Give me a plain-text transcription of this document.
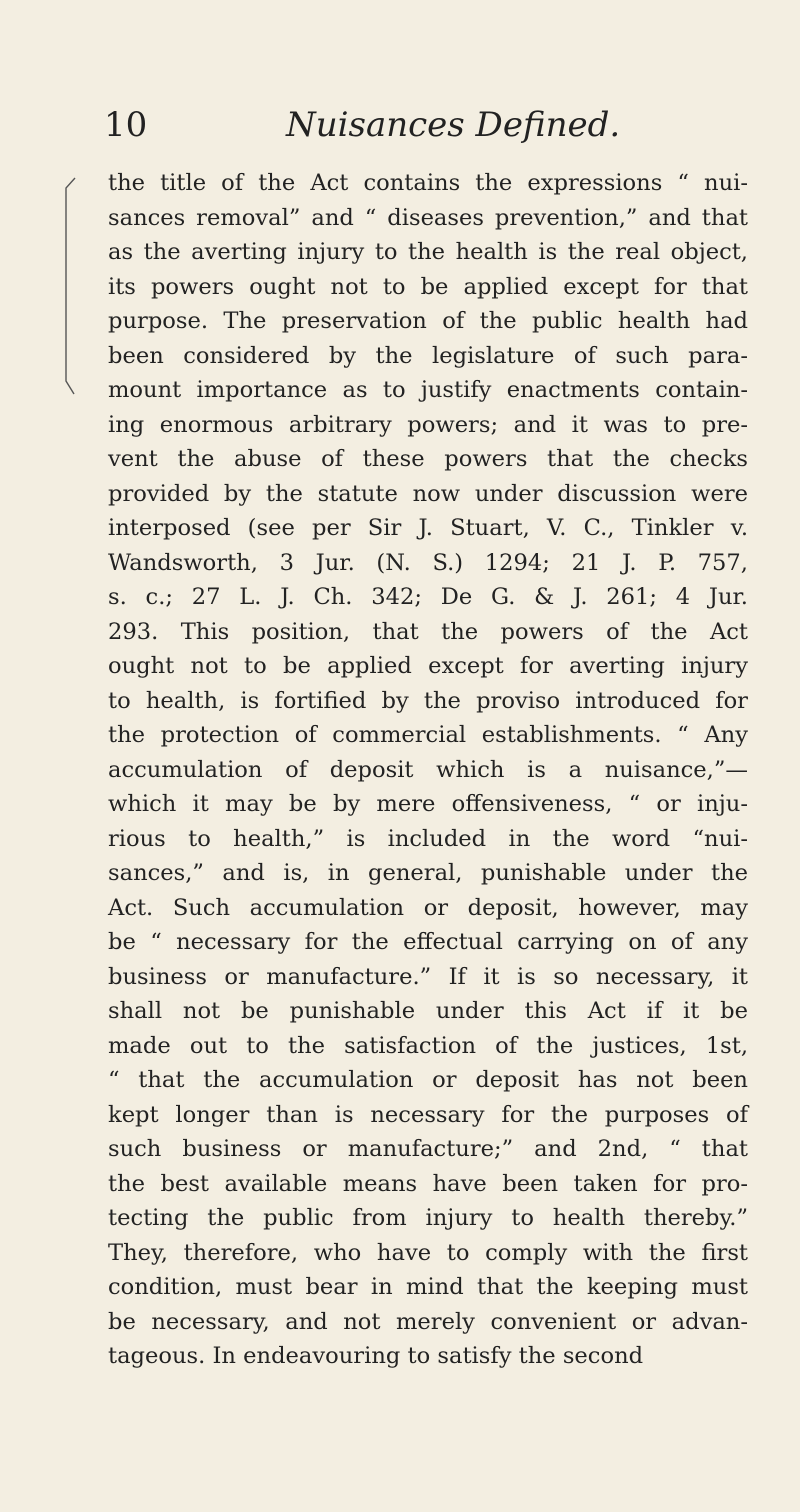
10	Nuisances Defined.
the title of the Act contains the expressions “ nui-
sances removal” and “ diseases prevention,” and that
as the averting injury to the health is the real object,
its powers ought not to be applied except for that
purpose. The preservation of the public health had
been considered by the legislature of such para-
mount importance as to justify enactments contain-
ing enormous arbitrary powers; and it was to pre-
vent the abuse of these powers that the checks
provided by the statute now under discussion were
interposed (see per Sir J. Stuart, V. C., Tinkler v.
Wandsworth, 3 Jur. (N. S.) 1294; 21 J. P. 757,
s. c.; 27 L. J. Ch. 342; De G. & J. 261; 4 Jur.
293. This position, that the powers of the Act
ought not to be applied except for averting injury
to health, is fortified by the proviso introduced for
the protection of commercial establishments. “ Any
accumulation of deposit which is a nuisance,”—
which it may be by mere offensiveness, “ or inju-
rious to health,” is included in the word “nui-
sances,” and is, in general, punishable under the
Act. Such accumulation or deposit, however, may
be “ necessary for the effectual carrying on of any
business or manufacture.” If it is so necessary, it
shall not be punishable under this Act if it be
made out to the satisfaction of the justices, 1st,
“ that the accumulation or deposit has not been
kept longer than is necessary for the purposes of
such business or manufacture;” and 2nd, “ that
the best available means have been taken for pro-
tecting the public from injury to health thereby.”
They, therefore, who have to comply with the first
condition, must bear in mind that the keeping must
be necessary, and not merely convenient or advan-
tageous. In endeavouring to satisfy the second
